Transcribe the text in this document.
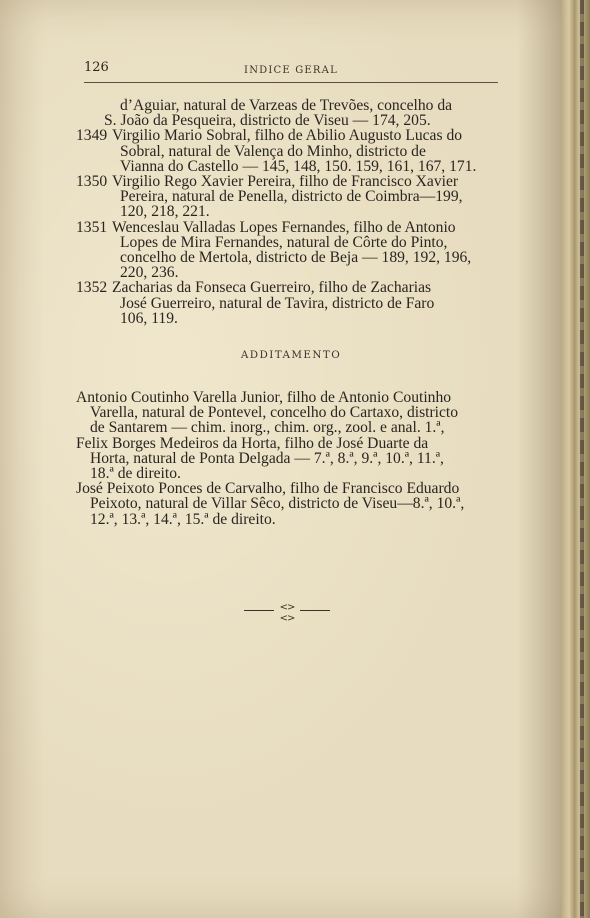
126	INDICE GERAL
d’Aguiar, natural de Varzeas de Trevões, concelho da
S. João da Pesqueira, districto de Viseu — 174, 205.
1349 Virgilio Mario Sobral, filho de Abilio Augusto Lucas do
Sobral, natural de Valença do Minho, districto de
Vianna do Castello — 145, 148, 150. 159, 161, 167, 171.
1350 Virgilio Rego Xavier Pereira, filho de Francisco Xavier
Pereira, natural de Penella, districto de Coimbra—199,
120, 218, 221.
1351 Wenceslau Valladas Lopes Fernandes, filho de Antonio
Lopes de Mira Fernandes, natural de Côrte do Pinto,
concelho de Mertola, districto de Beja — 189, 192, 196,
220, 236.
1352 Zacharias da Fonseca Guerreiro, filho de Zacharias
José Guerreiro, natural de Tavira, districto de Faro
106, 119.
ADDITAMENTO
Antonio Coutinho Varella Junior, filho de Antonio Coutinho
Varella, natural de Pontevel, concelho do Cartaxo, districto
de Santarem — chim. inorg., chim. org., zool. e anal. 1.ª,
Felix Borges Medeiros da Horta, filho de José Duarte da
Horta, natural de Ponta Delgada — 7.ª, 8.ª, 9.ª, 10.ª, 11.ª,
18.ª de direito.
José Peixoto Ponces de Carvalho, filho de Francisco Eduardo
Peixoto, natural de Villar Sêco, districto de Viseu—8.ª, 10.ª,
12.ª, 13.ª, 14.ª, 15.ª de direito.
<><>
